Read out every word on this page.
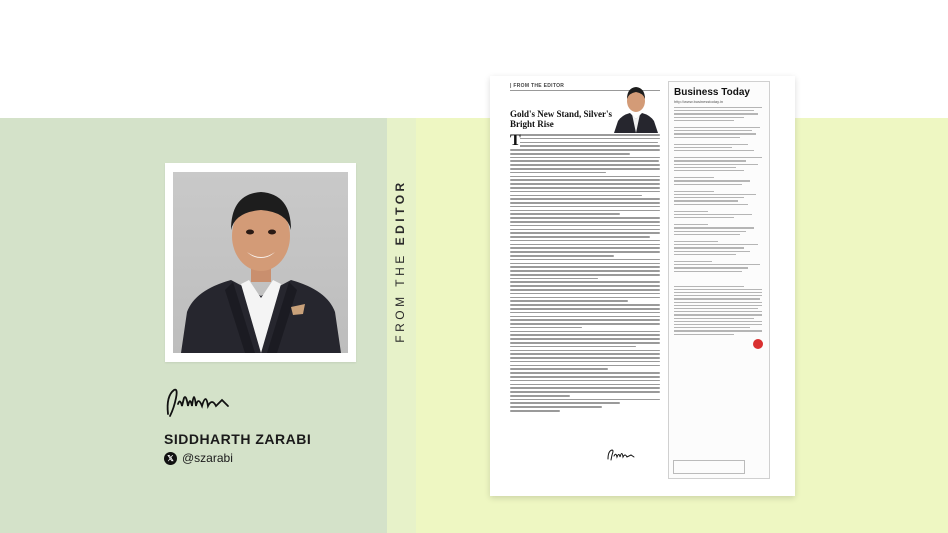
SIDDHARTH ZARABI
𝕏 @szarabi
FROM THE EDITOR
| FROM THE EDITOR
Gold's New Stand, Silver's Bright Rise
T
Business Today
http://www.businesstoday.in
